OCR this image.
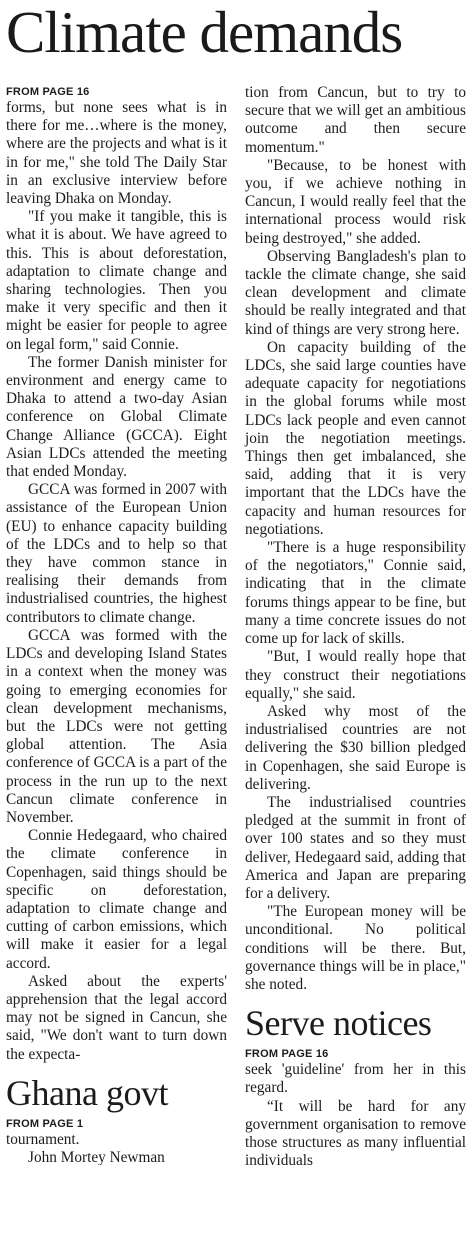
Climate demands
FROM PAGE 16

forms, but none sees what is in there for me…where is the money, where are the projects and what is it in for me," she told The Daily Star in an exclusive interview before leaving Dhaka on Monday.

"If you make it tangible, this is what it is about. We have agreed to this. This is about deforestation, adaptation to climate change and sharing technologies. Then you make it very specific and then it might be easier for people to agree on legal form," said Connie.

The former Danish minister for environment and energy came to Dhaka to attend a two-day Asian conference on Global Climate Change Alliance (GCCA). Eight Asian LDCs attended the meeting that ended Monday.

GCCA was formed in 2007 with assistance of the European Union (EU) to enhance capacity building of the LDCs and to help so that they have common stance in realising their demands from industrialised countries, the highest contributors to climate change.

GCCA was formed with the LDCs and developing Island States in a context when the money was going to emerging economies for clean development mechanisms, but the LDCs were not getting global attention. The Asia conference of GCCA is a part of the process in the run up to the next Cancun climate conference in November.

Connie Hedegaard, who chaired the climate conference in Copenhagen, said things should be specific on deforestation, adaptation to climate change and cutting of carbon emissions, which will make it easier for a legal accord.

Asked about the experts' apprehension that the legal accord may not be signed in Cancun, she said, "We don't want to turn down the expecta-

Ghana govt
FROM PAGE 1

tournament.

John Mortey Newman

tion from Cancun, but to try to secure that we will get an ambitious outcome and then secure momentum."

"Because, to be honest with you, if we achieve nothing in Cancun, I would really feel that the international process would risk being destroyed," she added.

Observing Bangladesh's plan to tackle the climate change, she said clean development and climate should be really integrated and that kind of things are very strong here.

On capacity building of the LDCs, she said large counties have adequate capacity for negotiations in the global forums while most LDCs lack people and even cannot join the negotiation meetings. Things then get imbalanced, she said, adding that it is very important that the LDCs have the capacity and human resources for negotiations.

"There is a huge responsibility of the negotiators," Connie said, indicating that in the climate forums things appear to be fine, but many a time concrete issues do not come up for lack of skills.

"But, I would really hope that they construct their negotiations equally," she said.

Asked why most of the industrialised countries are not delivering the $30 billion pledged in Copenhagen, she said Europe is delivering.

The industrialised countries pledged at the summit in front of over 100 states and so they must deliver, Hedegaard said, adding that America and Japan are preparing for a delivery.

"The European money will be unconditional. No political conditions will be there. But, governance things will be in place," she noted.

Serve notices
FROM PAGE 16

seek 'guideline' from her in this regard.

“It will be hard for any government organisation to remove those structures as many influential individuals
